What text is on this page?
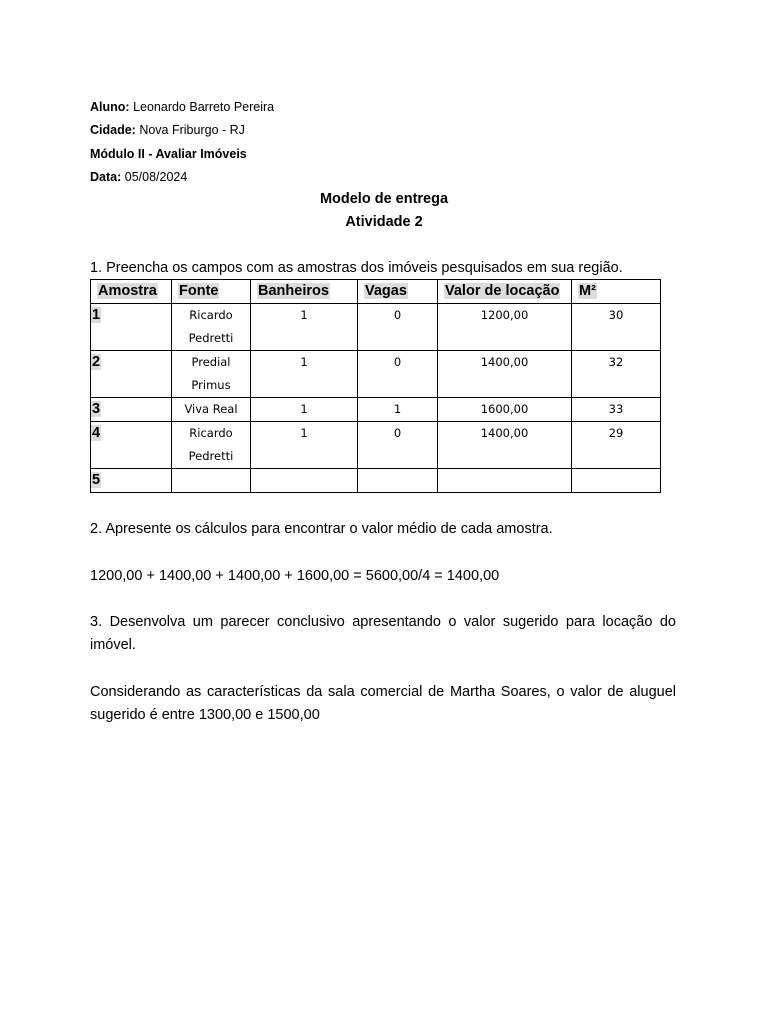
Aluno: Leonardo Barreto Pereira
Cidade: Nova Friburgo - RJ
Módulo II - Avaliar Imóveis
Data: 05/08/2024
Modelo de entrega
Atividade 2
1. Preencha os campos com as amostras dos imóveis pesquisados em sua região.
Amostra	Fonte	Banheiros	Vagas	Valor de locação	M²
1	Ricardo
Pedretti	1	0	1200,00	30
2	Predial
Primus	1	0	1400,00	32
3	Viva Real	1	1	1600,00	33
4	Ricardo
Pedretti	1	0	1400,00	29
5					
2. Apresente os cálculos para encontrar o valor médio de cada amostra.
1200,00 + 1400,00 + 1400,00 + 1600,00 = 5600,00/4 = 1400,00
3. Desenvolva um parecer conclusivo apresentando o valor sugerido para locação do imóvel.
Considerando as características da sala comercial de Martha Soares, o valor de aluguel sugerido é entre 1300,00 e 1500,00
